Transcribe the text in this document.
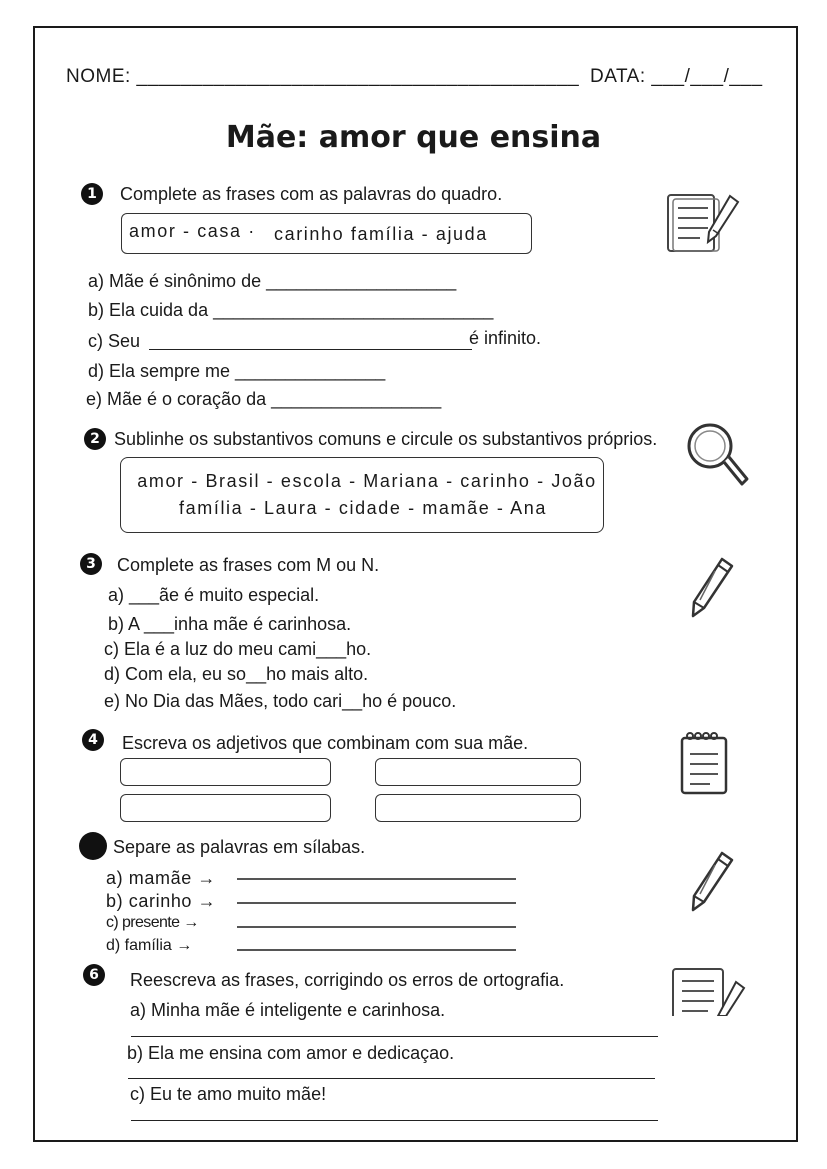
NOME: ________________________________________ DATA: ___/___/___
Mãe: amor que ensina
1	Complete as frases com as palavras do quadro.
amor - casa · carinho família - ajuda
a) Mãe é sinônimo de ___________________
b) Ela cuida da ____________________________
c) Seu	é infinito.
d) Ela sempre me _______________
e) Mãe é o coração da _________________
2 Sublinhe os substantivos comuns e circule os substantivos próprios.
amor - Brasil - escola - Mariana - carinho - João
família - Laura - cidade - mamãe - Ana
3	Complete as frases com M ou N.
a) ___ãe é muito especial.
b) A ___inha mãe é carinhosa.
c) Ela é a luz do meu cami___ho.
d) Com ela, eu so__ho mais alto.
e) No Dia das Mães, todo cari__ho é pouco.
4	Escreva os adjetivos que combinam com sua mãe.
Separe as palavras em sílabas.
a) mamãe →
b) carinho →
c) presente →
d) família →
6	Reescreva as frases, corrigindo os erros de ortografia.
a) Minha mãe é inteligente e carinhosa.
b) Ela me ensina com amor e dedicaçao.
c) Eu te amo muito mãe!
